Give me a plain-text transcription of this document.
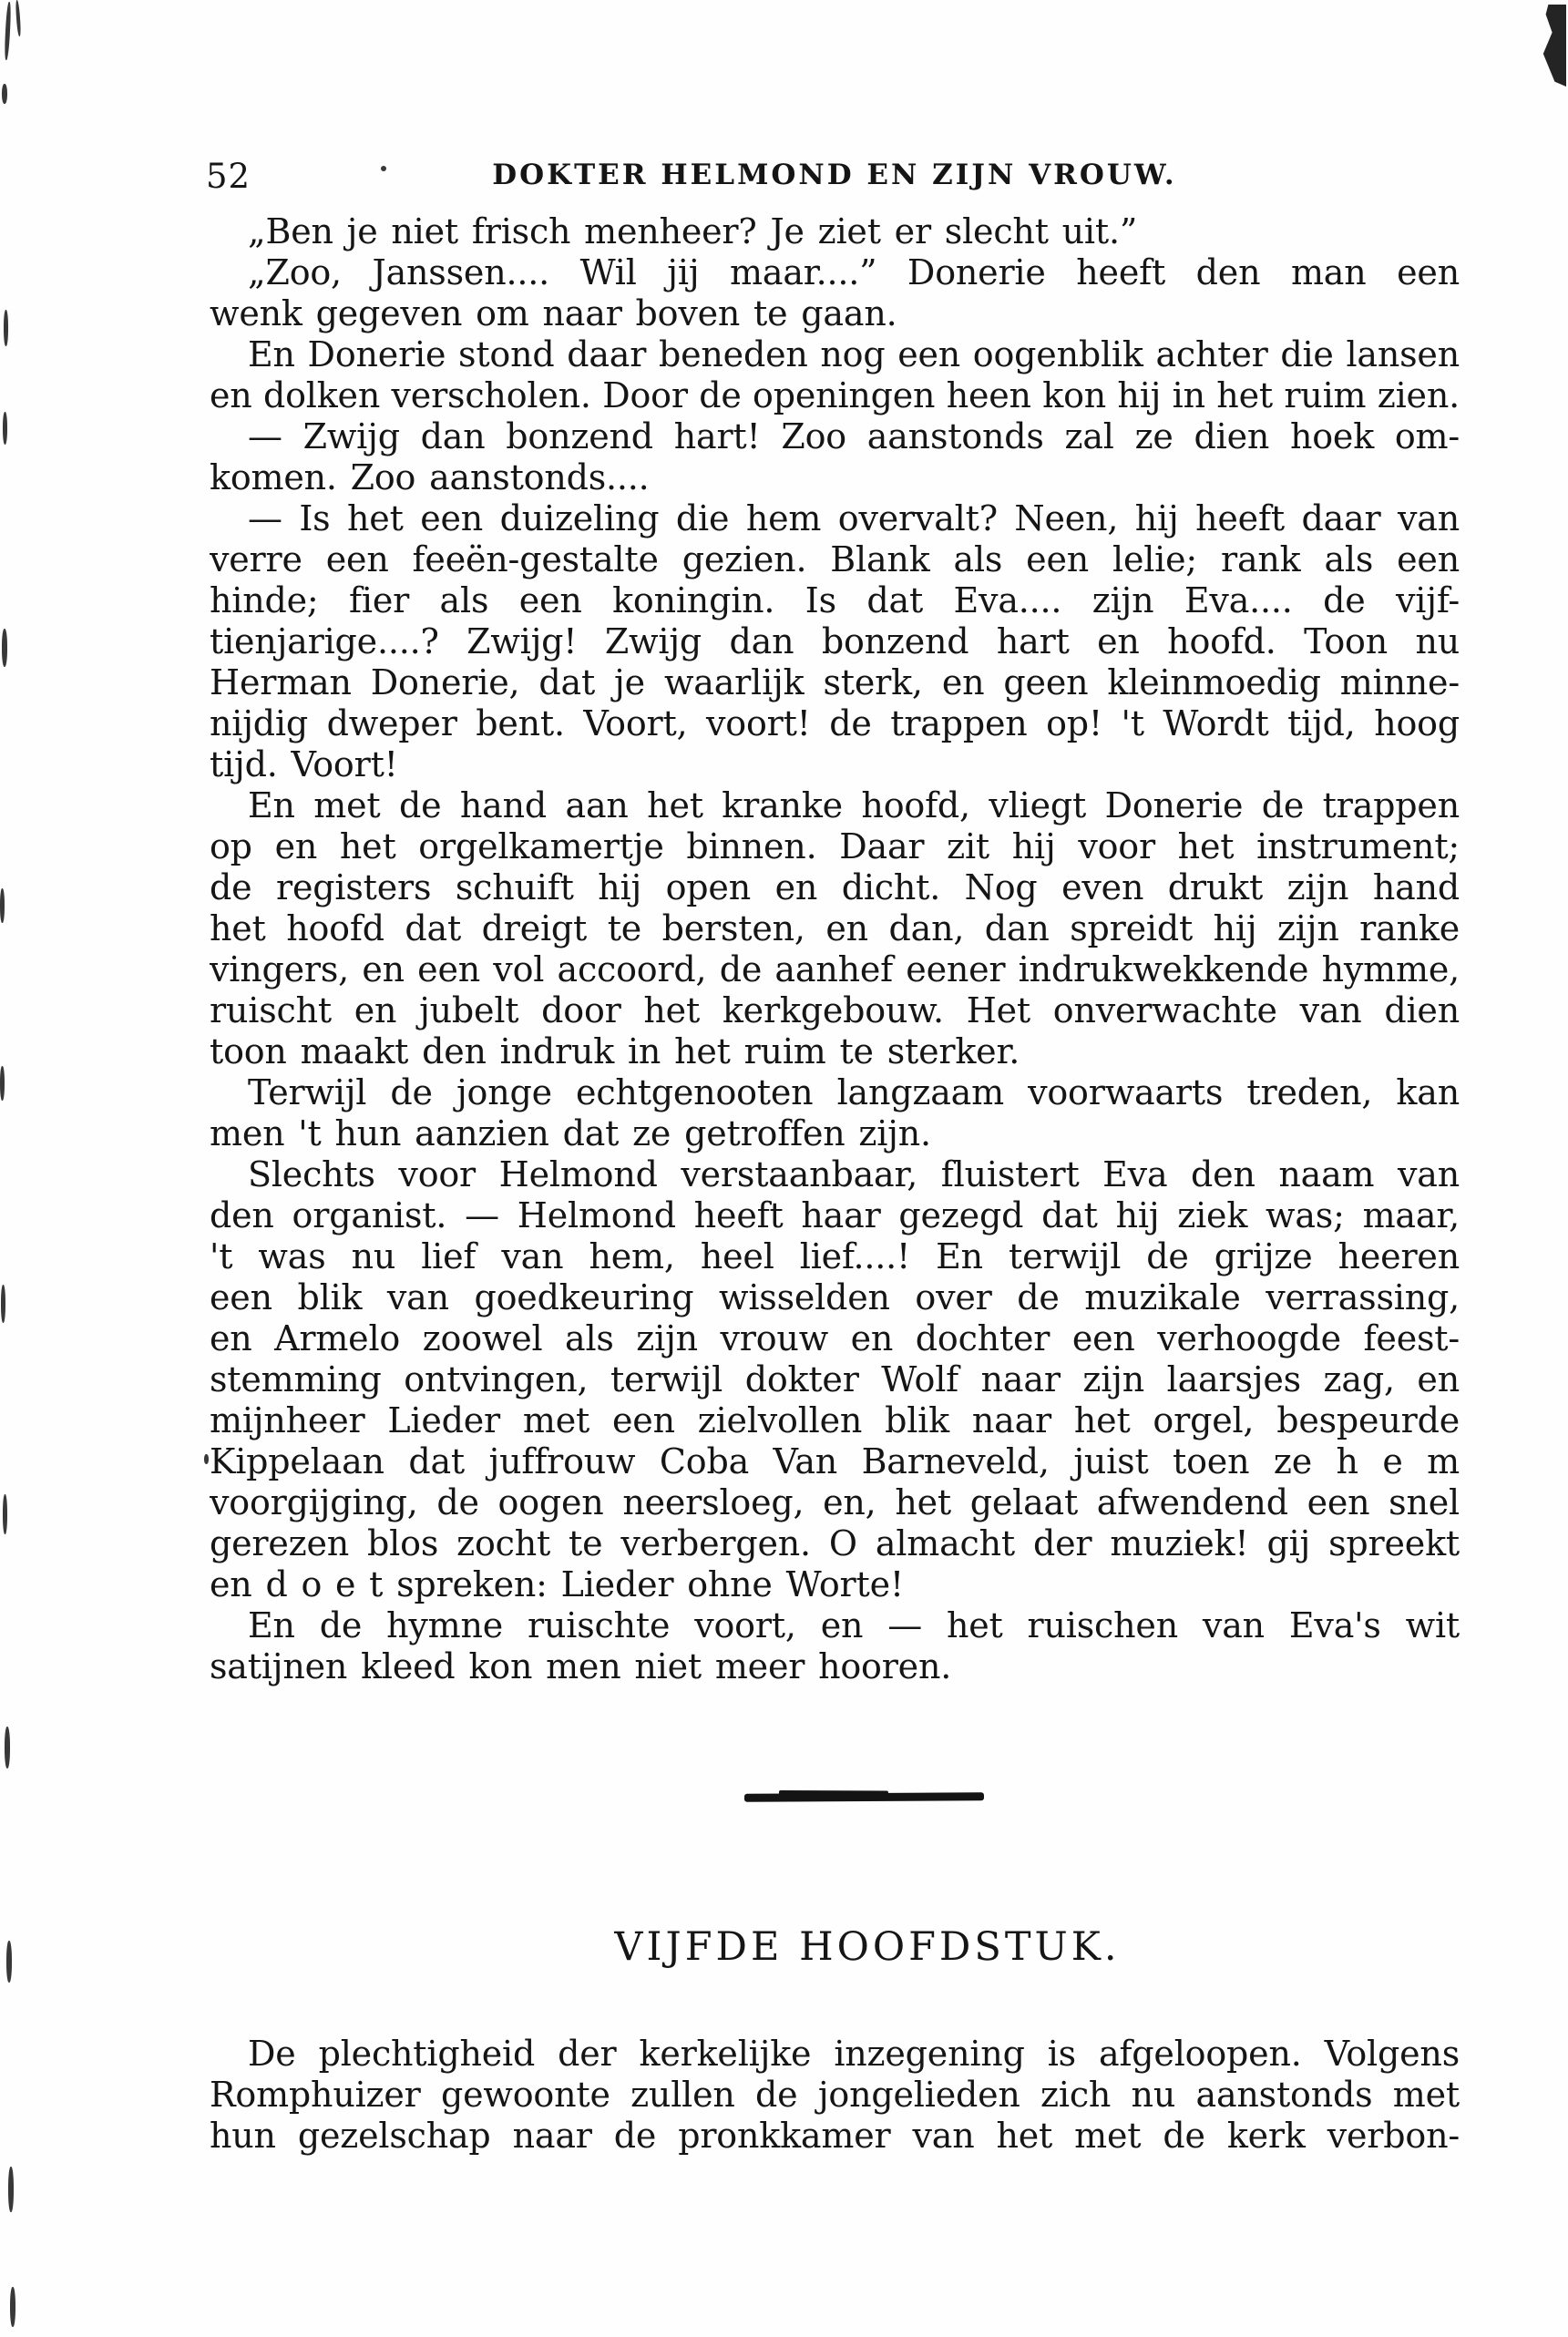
52	DOKTER HELMOND EN ZIJN VROUW.
„Ben je niet frisch menheer? Je ziet er slecht uit.”
„Zoo, Janssen.... Wil jij maar....” Donerie heeft den man een
wenk gegeven om naar boven te gaan.
En Donerie stond daar beneden nog een oogenblik achter die lansen
en dolken verscholen. Door de openingen heen kon hij in het ruim zien.
— Zwijg dan bonzend hart! Zoo aanstonds zal ze dien hoek om-
komen. Zoo aanstonds....
— Is het een duizeling die hem overvalt? Neen, hij heeft daar van
verre een feeën-gestalte gezien. Blank als een lelie; rank als een
hinde; fier als een koningin. Is dat Eva.... zijn Eva.... de vijf-
tienjarige....? Zwijg! Zwijg dan bonzend hart en hoofd. Toon nu
Herman Donerie, dat je waarlijk sterk, en geen kleinmoedig minne-
nijdig dweper bent. Voort, voort! de trappen op! 't Wordt tijd, hoog
tijd. Voort!
En met de hand aan het kranke hoofd, vliegt Donerie de trappen
op en het orgelkamertje binnen. Daar zit hij voor het instrument;
de registers schuift hij open en dicht. Nog even drukt zijn hand
het hoofd dat dreigt te bersten, en dan, dan spreidt hij zijn ranke
vingers, en een vol accoord, de aanhef eener indrukwekkende hymme,
ruischt en jubelt door het kerkgebouw. Het onverwachte van dien
toon maakt den indruk in het ruim te sterker.
Terwijl de jonge echtgenooten langzaam voorwaarts treden, kan
men 't hun aanzien dat ze getroffen zijn.
Slechts voor Helmond verstaanbaar, fluistert Eva den naam van
den organist. — Helmond heeft haar gezegd dat hij ziek was; maar,
't was nu lief van hem, heel lief....! En terwijl de grijze heeren
een blik van goedkeuring wisselden over de muzikale verrassing,
en Armelo zoowel als zijn vrouw en dochter een verhoogde feest-
stemming ontvingen, terwijl dokter Wolf naar zijn laarsjes zag, en
mijnheer Lieder met een zielvollen blik naar het orgel, bespeurde
Kippelaan dat juffrouw Coba Van Barneveld, juist toen ze h e m
voorgijging, de oogen neersloeg, en, het gelaat afwendend een snel
gerezen blos zocht te verbergen. O almacht der muziek! gij spreekt
en d o e t spreken: Lieder ohne Worte!
En de hymne ruischte voort, en — het ruischen van Eva's wit
satijnen kleed kon men niet meer hooren.
VIJFDE HOOFDSTUK.
De plechtigheid der kerkelijke inzegening is afgeloopen. Volgens
Romphuizer gewoonte zullen de jongelieden zich nu aanstonds met
hun gezelschap naar de pronkkamer van het met de kerk verbon-
